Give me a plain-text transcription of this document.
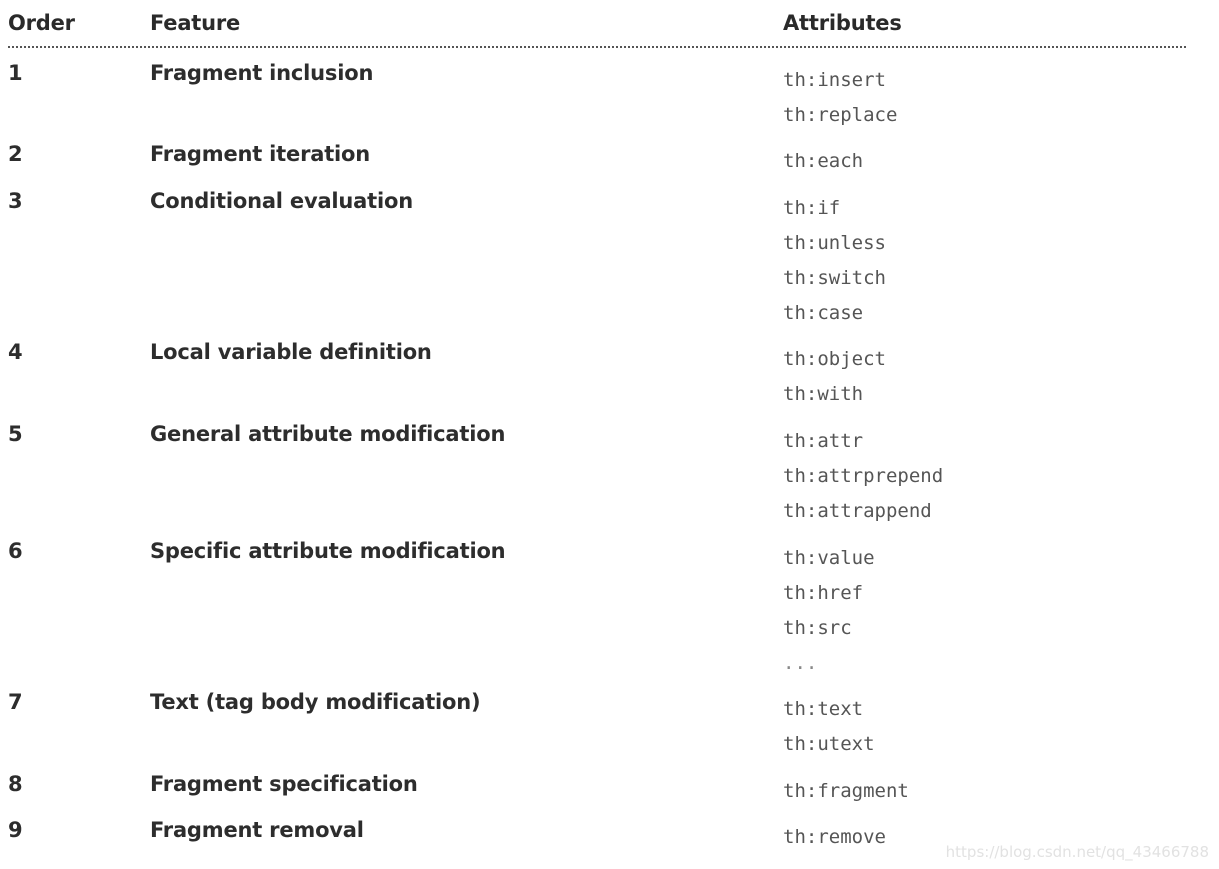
Order	Feature	Attributes
1	Fragment inclusion	th:insert
th:replace
2	Fragment iteration	th:each
3	Conditional evaluation	th:if
th:unless
th:switch
th:case
4	Local variable definition	th:object
th:with
5	General attribute modification	th:attr
th:attrprepend
th:attrappend
6	Specific attribute modification	th:value
th:href
th:src
...
7	Text (tag body modification)	th:text
th:utext
8	Fragment specification	th:fragment
9	Fragment removal	th:remove
https://blog.csdn.net/qq_43466788
